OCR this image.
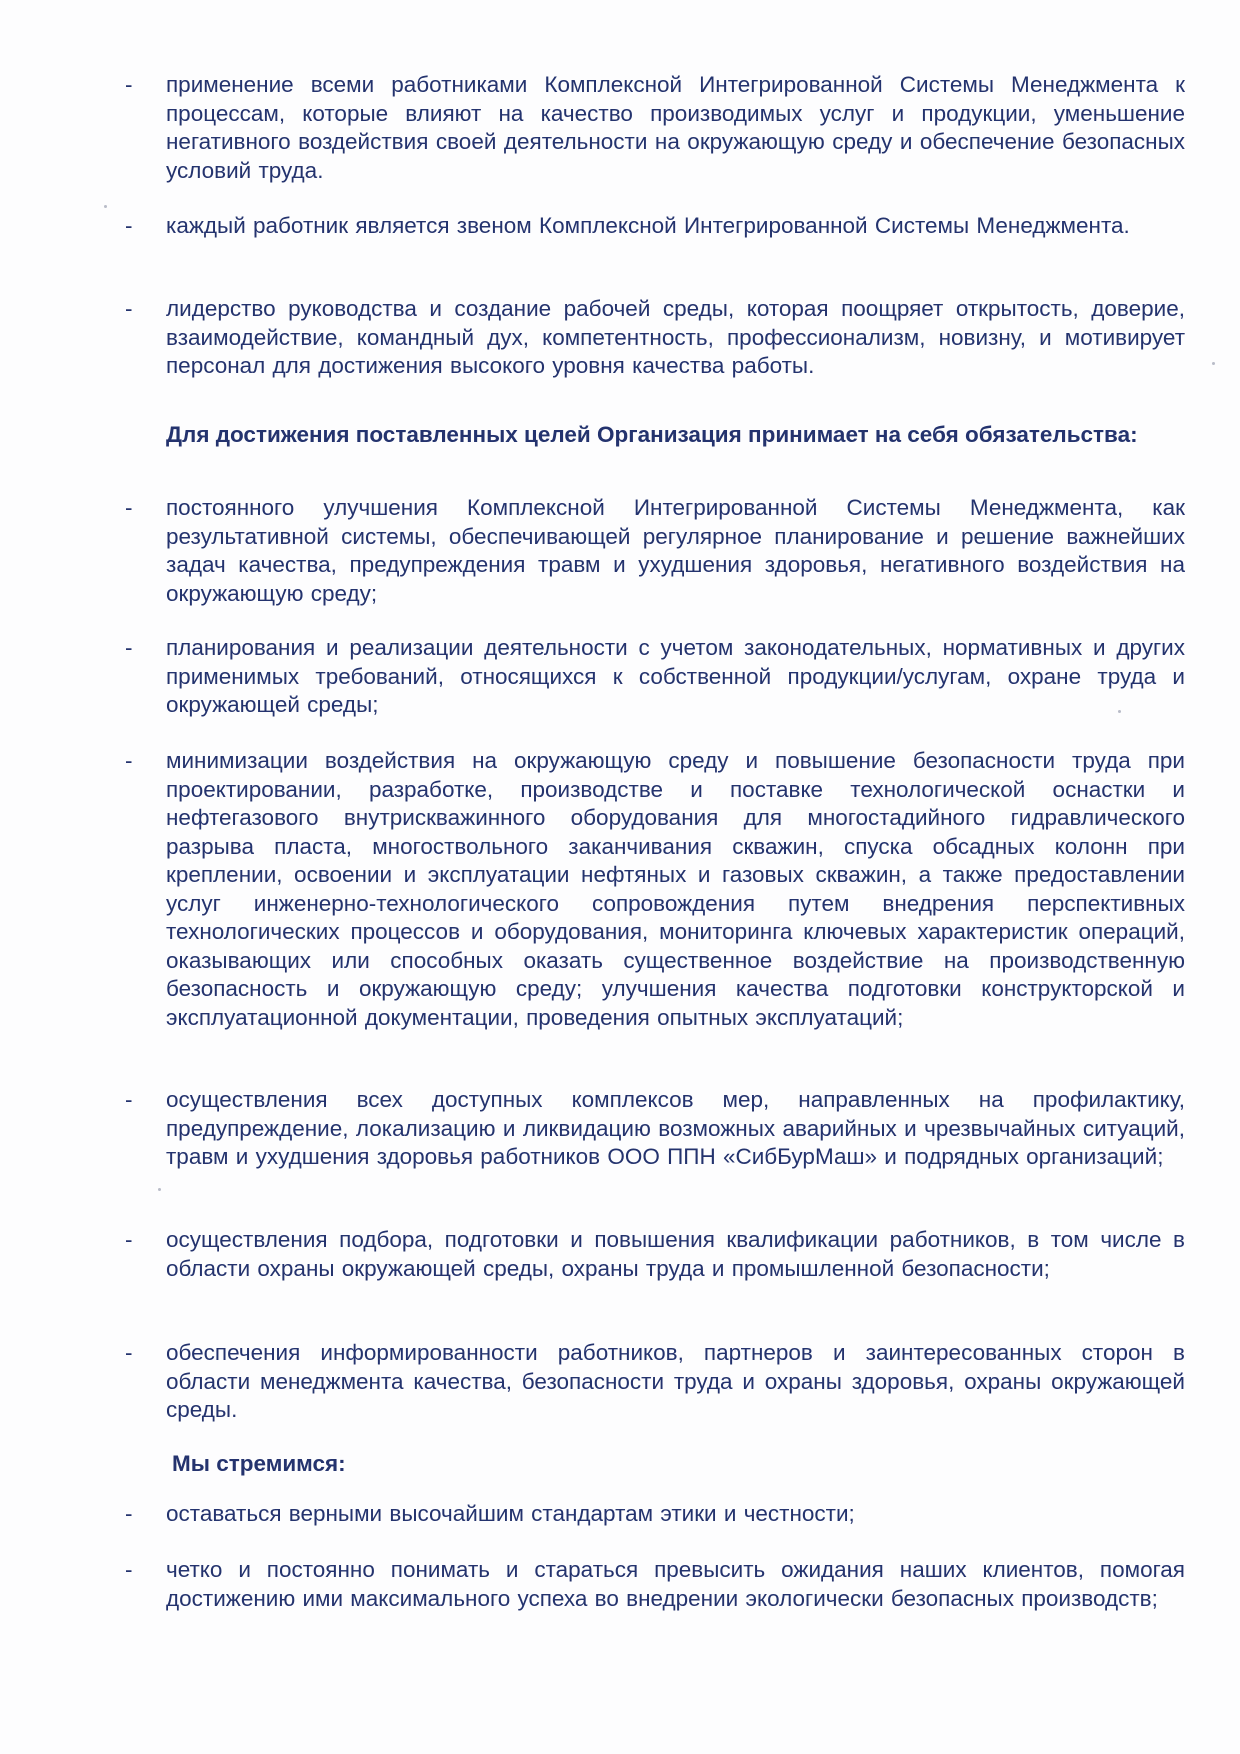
-	применение всеми работниками Комплексной Интегрированной Системы Менеджмента к процессам, которые влияют на качество производимых услуг и продукции, уменьшение негативного воздействия своей деятельности на окружающую среду и обеспечение безопасных условий труда.
-	каждый работник является звеном Комплексной Интегрированной Системы Менеджмента.
-	лидерство руководства и создание рабочей среды, которая поощряет открытость, доверие, взаимодействие, командный дух, компетентность, профессионализм, новизну, и мотивирует персонал для достижения высокого уровня качества работы.
Для достижения поставленных целей Организация принимает на себя обязательства:
-	постоянного улучшения Комплексной Интегрированной Системы Менеджмента, как результативной системы, обеспечивающей регулярное планирование и решение важнейших задач качества, предупреждения травм и ухудшения здоровья, негативного воздействия на окружающую среду;
-	планирования и реализации деятельности с учетом законодательных, нормативных и других применимых требований, относящихся к собственной продукции/услугам, охране труда и окружающей среды;
-	минимизации воздействия на окружающую среду и повышение безопасности труда при проектировании, разработке, производстве и поставке технологической оснастки и нефтегазового внутрискважинного оборудования для многостадийного гидравлического разрыва пласта, многоствольного заканчивания скважин, спуска обсадных колонн при креплении, освоении и эксплуатации нефтяных и газовых скважин, а также предоставлении услуг инженерно-технологического сопровождения путем внедрения перспективных технологических процессов и оборудования, мониторинга ключевых характеристик операций, оказывающих или способных оказать существенное воздействие на производственную безопасность и окружающую среду; улучшения качества подготовки конструкторской и эксплуатационной документации, проведения опытных эксплуатаций;
-	осуществления всех доступных комплексов мер, направленных на профилактику, предупреждение, локализацию и ликвидацию возможных аварийных и чрезвычайных ситуаций, травм и ухудшения здоровья работников ООО ППН «СибБурМаш» и подрядных организаций;
-	осуществления подбора, подготовки и повышения квалификации работников, в том числе в области охраны окружающей среды, охраны труда и промышленной безопасности;
-	обеспечения информированности работников, партнеров и заинтересованных сторон в области менеджмента качества, безопасности труда и охраны здоровья, охраны окружающей среды.
Мы стремимся:
-	оставаться верными высочайшим стандартам этики и честности;
-	четко и постоянно понимать и стараться превысить ожидания наших клиентов, помогая достижению ими максимального успеха во внедрении экологически безопасных производств;
